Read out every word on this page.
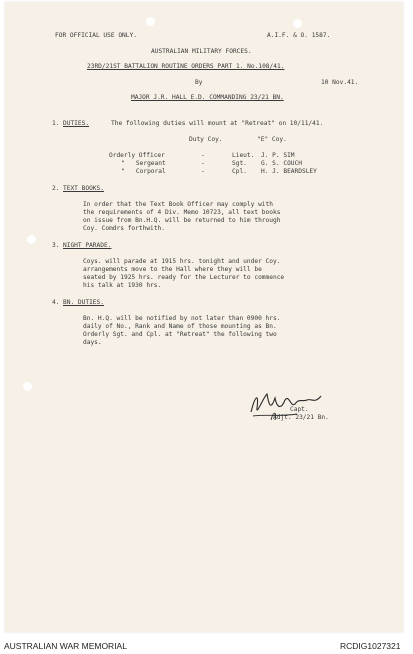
FOR OFFICIAL USE ONLY.	A.I.F. & O. 1587.
AUSTRALIAN MILITARY FORCES.
23RD/21ST BATTALION ROUTINE ORDERS PART 1. No.108/41.
By	10 Nov.41.
MAJOR J.R. HALL E.D. COMMANDING 23/21 BN.
1. DUTIES.	The following duties will mount at "Retreat" on 10/11/41.
Duty Coy.	"E" Coy.
Orderly Officer	-	Lieut. J. P. SIM
"   Sergeant	-	Sgt. G. S. COUCH
"   Corporal	-	Cpl. H. J. BEARDSLEY
2. TEXT BOOKS.
In order that the Text Book Officer may comply with
the requirements of 4 Div. Memo 10723, all text books
on issue from Bn.H.Q. will be returned to him through
Coy. Comdrs forthwith.
3. NIGHT PARADE.
Coys. will parade at 1915 hrs. tonight and under Coy.
arrangements move to the Hall where they will be
seated by 1925 hrs. ready for the Lecturer to commence
his talk at 1930 hrs.
4. BN. DUTIES.
Bn. H.Q. will be notified by not later than 0900 hrs.
daily of No., Rank and Name of those mounting as Bn.
Orderly Sgt. and Cpl. at "Retreat" the following two
days.
Capt.
Adjt. 23/21 Bn.
AUSTRALIAN WAR MEMORIAL	RCDIG1027321
